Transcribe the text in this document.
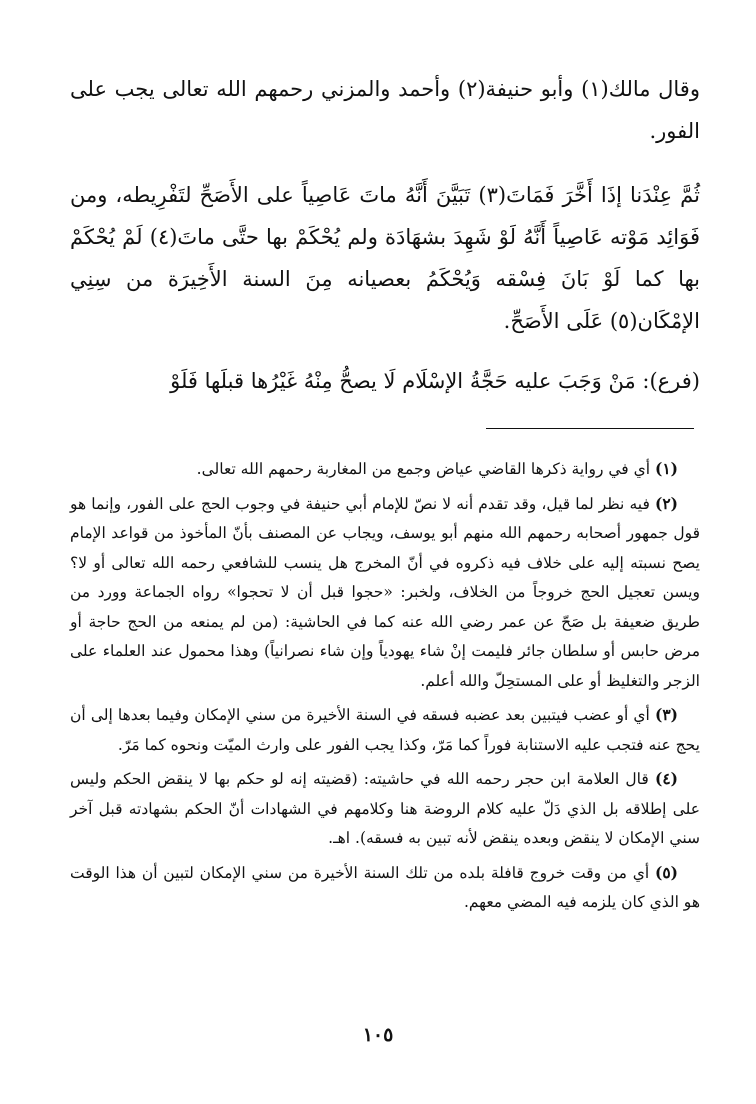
وقال مالك(١) وأبو حنيفة(٢) وأحمد والمزني رحمهم الله تعالى يجب على الفور.

ثُمَّ عِنْدَنا إذَا أَخَّرَ فَمَاتَ(٣) تَبَيَّنَ أَنَّهُ ماتَ عَاصِياً على الأَصَحِّ لتَفْرِيطه، ومن فَوَائِد مَوْته عَاصِياً أَنَّهُ لَوْ شَهِدَ بشهَادَة ولم يُحْكَمْ بها حتَّى ماتَ(٤) لَمْ يُحْكَمْ بها كما لَوْ بَانَ فِسْقه وَيُحْكَمُ بعصيانه مِنَ السنة الأَخِيرَة من سِنِي الإمْكَان(٥) عَلَى الأَصَحِّ.

(فرع): مَنْ وَجَبَ عليه حَجَّةُ الإسْلَام لَا يصحُّ مِنْهُ غَيْرُها قبلَها فَلَوْ

(١) أي في رواية ذكرها القاضي عياض وجمع من المغاربة رحمهم الله تعالى.

(٢) فيه نظر لما قيل، وقد تقدم أنه لا نصّ للإمام أبي حنيفة في وجوب الحج على الفور، وإنما هو قول جمهور أصحابه رحمهم الله منهم أبو يوسف، ويجاب عن المصنف بأنّ المأخوذ من قواعد الإمام يصح نسبته إليه على خلاف فيه ذكروه في أنّ المخرج هل ينسب للشافعي رحمه الله تعالى أو لا؟ ويسن تعجيل الحج خروجاً من الخلاف، ولخبر: «حجوا قبل أن لا تحجوا» رواه الجماعة وورد من طريق ضعيفة بل صَحّ عن عمر رضي الله عنه كما في الحاشية: (من لم يمنعه من الحج حاجة أو مرض حابس أو سلطان جائر فليمت إنْ شاء يهودياً وإن شاء نصرانياً) وهذا محمول عند العلماء على الزجر والتغليظ أو على المستحِلّ والله أعلم.

(٣) أي أو عضب فيتبين بعد عضبه فسقه في السنة الأخيرة من سني الإمكان وفيما بعدها إلى أن يحج عنه فتجب عليه الاستنابة فوراً كما مَرّ، وكذا يجب الفور على وارث الميّت ونحوه كما مَرّ.

(٤) قال العلامة ابن حجر رحمه الله في حاشيته: (قضيته إنه لو حكم بها لا ينقض الحكم وليس على إطلاقه بل الذي دَلّ عليه كلام الروضة هنا وكلامهم في الشهادات أنّ الحكم بشهادته قبل آخر سني الإمكان لا ينقض وبعده ينقض لأنه تبين به فسقه). اهـ.

(٥) أي من وقت خروج قافلة بلده من تلك السنة الأخيرة من سني الإمكان لتبين أن هذا الوقت هو الذي كان يلزمه فيه المضي معهم.

١٠٥
